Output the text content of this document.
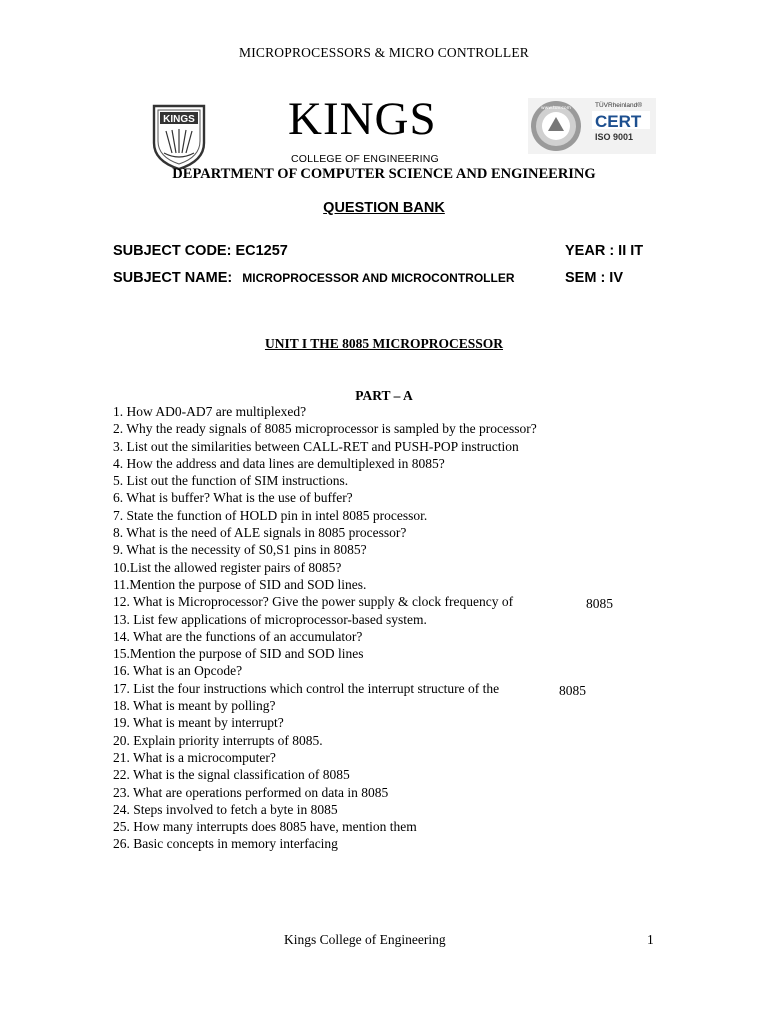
MICROPROCESSORS & MICRO CONTROLLER
KINGS KINGS
COLLEGE OF ENGINEERING
www.tuv.com	TÜVRheinland®
CERT
ISO 9001
DEPARTMENT OF COMPUTER SCIENCE AND ENGINEERING
QUESTION BANK
SUBJECT CODE: EC1257	YEAR : II IT
SUBJECT NAME: MICROPROCESSOR AND MICROCONTROLLER	SEM : IV
UNIT I THE 8085 MICROPROCESSOR
PART – A
1. How AD0-AD7 are multiplexed?
2. Why the ready signals of 8085 microprocessor is sampled by the processor?
3. List out the similarities between CALL-RET and PUSH-POP instruction
4. How the address and data lines are demultiplexed in 8085?
5. List out the function of SIM instructions.
6. What is buffer? What is the use of buffer?
7. State the function of HOLD pin in intel 8085 processor.
8. What is the need of ALE signals in 8085 processor?
9. What is the necessity of S0,S1 pins in 8085?
10.List the allowed register pairs of 8085?
11.Mention the purpose of SID and SOD lines.
12. What is Microprocessor? Give the power supply & clock frequency of
13. List few applications of microprocessor-based system.
14. What are the functions of an accumulator?
15.Mention the purpose of SID and SOD lines
16. What is an Opcode?
17. List the four instructions which control the interrupt structure of the
18. What is meant by polling?
19. What is meant by interrupt?
20. Explain priority interrupts of 8085.
21. What is a microcomputer?
22. What is the signal classification of 8085
23. What are operations performed on data in 8085
24. Steps involved to fetch a byte in 8085
25. How many interrupts does 8085 have, mention them
26. Basic concepts in memory interfacing
8085
8085
Kings College of Engineering	1
